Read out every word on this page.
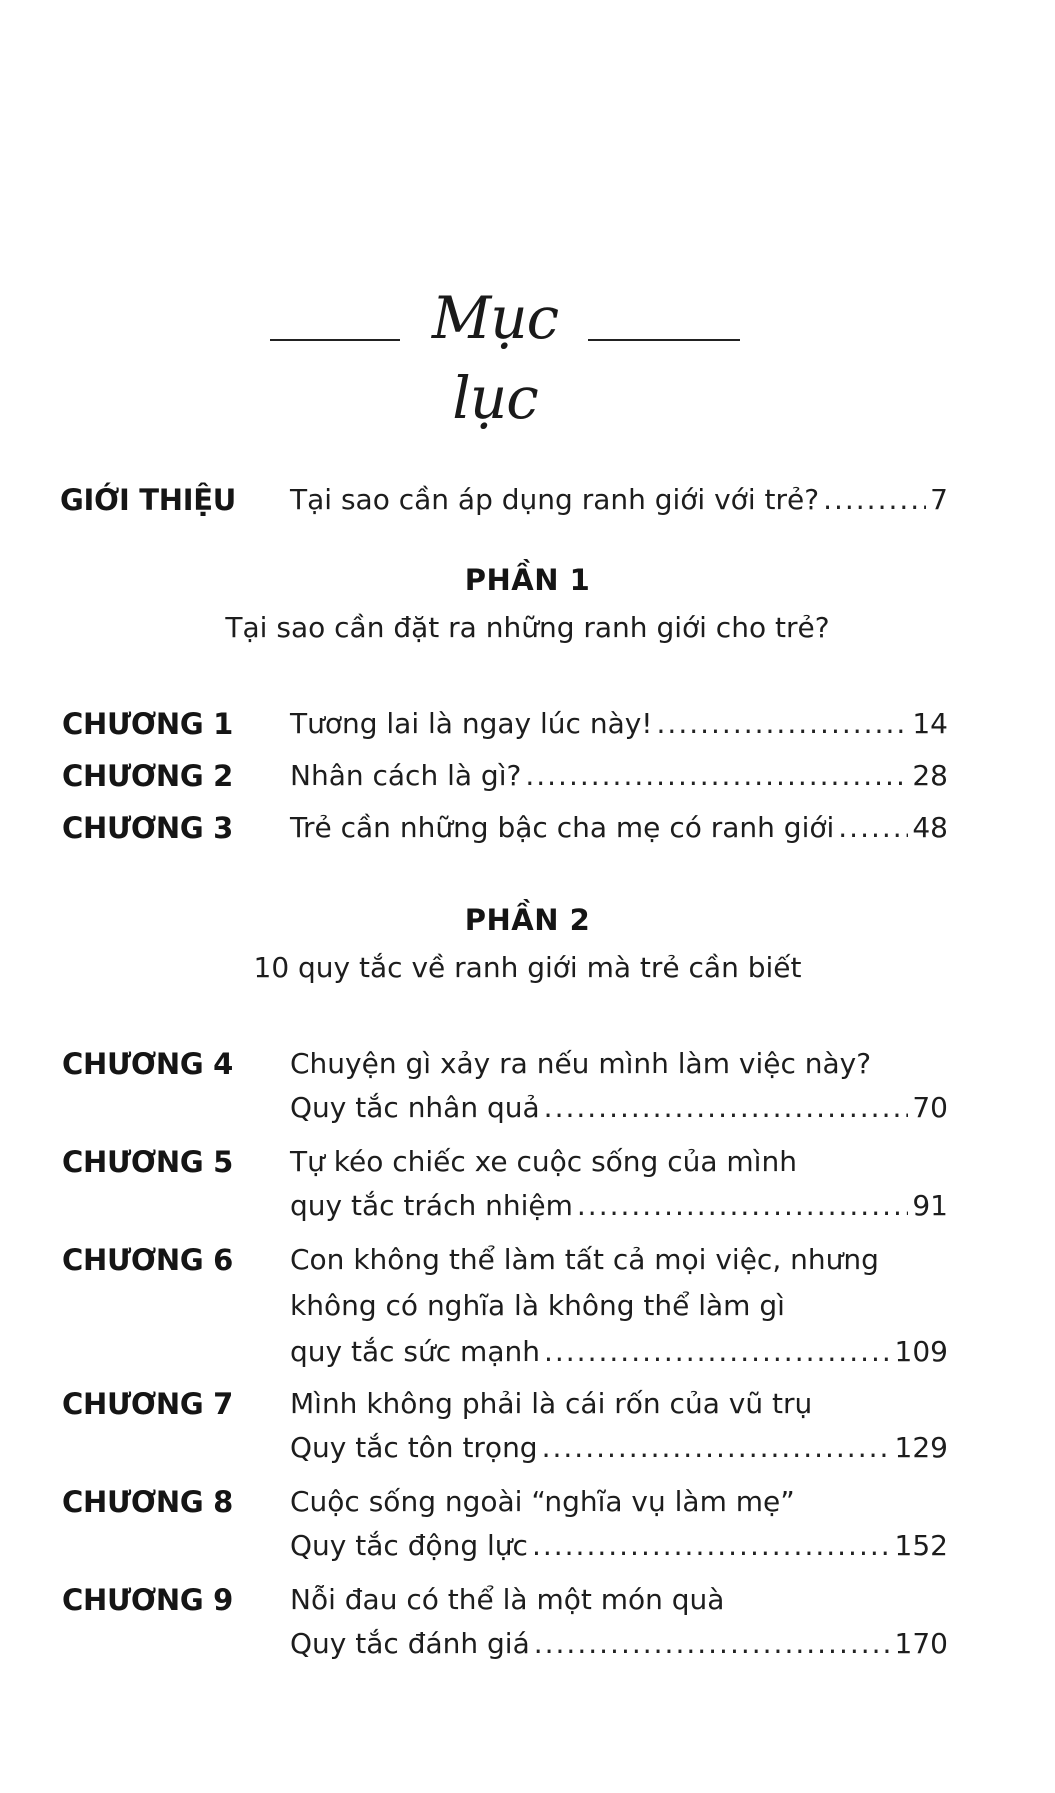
Mục lục
GIỚI THIỆU Tại sao cần áp dụng ranh giới với trẻ? .....	7
PHẦN 1
Tại sao cần đặt ra những ranh giới cho trẻ?
CHƯƠNG 1 Tương lai là ngay lúc này! .....	14
CHƯƠNG 2 Nhân cách là gì? .....	28
CHƯƠNG 3 Trẻ cần những bậc cha mẹ có ranh giới .....	48
PHẦN 2
10 quy tắc về ranh giới mà trẻ cần biết
CHƯƠNG 4 Chuyện gì xảy ra nếu mình làm việc này?
Quy tắc nhân quả .....	70
CHƯƠNG 5 Tự kéo chiếc xe cuộc sống của mình
quy tắc trách nhiệm .....	91
CHƯƠNG 6 Con không thể làm tất cả mọi việc, nhưng
không có nghĩa là không thể làm gì
quy tắc sức mạnh .....	109
CHƯƠNG 7 Mình không phải là cái rốn của vũ trụ
Quy tắc tôn trọng .....	129
CHƯƠNG 8 Cuộc sống ngoài “nghĩa vụ làm mẹ”
Quy tắc động lực .....	152
CHƯƠNG 9 Nỗi đau có thể là một món quà
Quy tắc đánh giá .....	170
